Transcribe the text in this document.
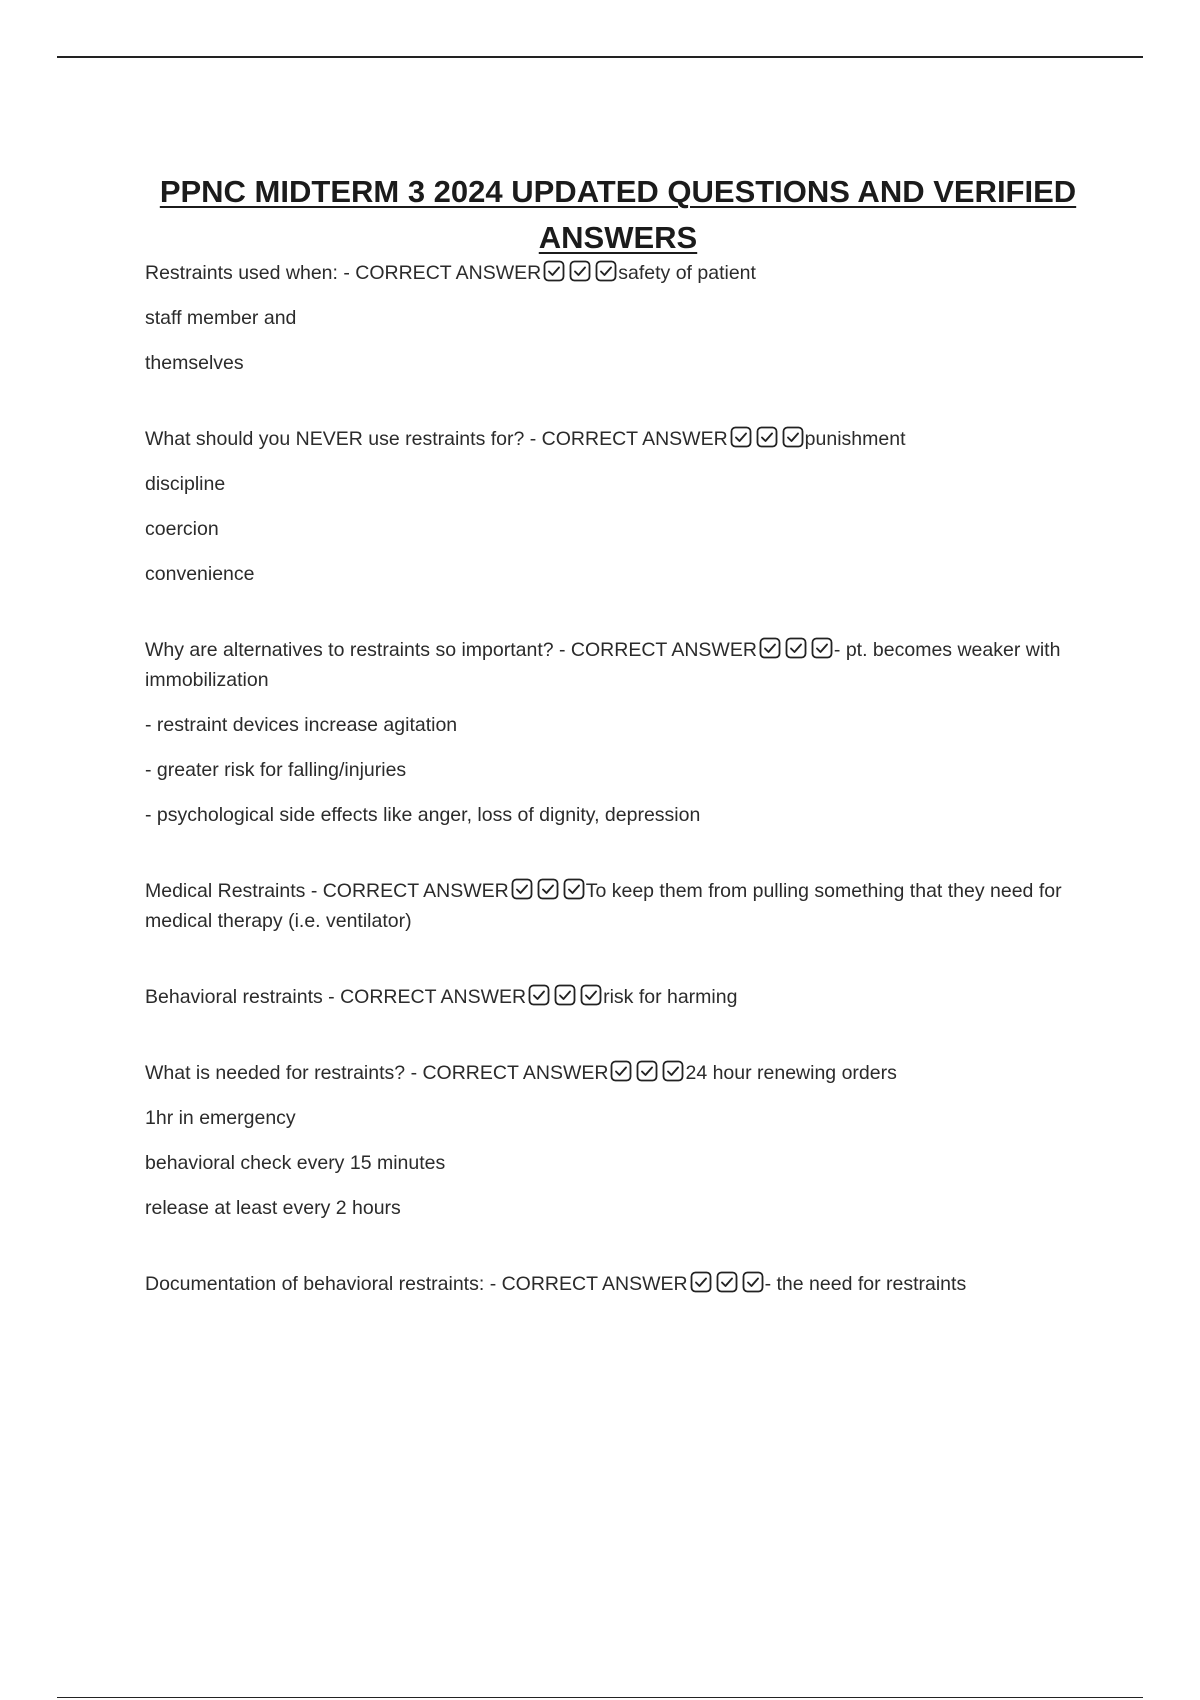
PPNC MIDTERM 3 2024 UPDATED QUESTIONS AND VERIFIED ANSWERS

Restraints used when: - CORRECT ANSWER	safety of patient

staff member and

themselves

What should you NEVER use restraints for? - CORRECT ANSWER	punishment

discipline

coercion

convenience

Why are alternatives to restraints so important? - CORRECT ANSWER	- pt. becomes weaker with immobilization

- restraint devices increase agitation

- greater risk for falling/injuries

- psychological side effects like anger, loss of dignity, depression

Medical Restraints - CORRECT ANSWER	To keep them from pulling something that they need for medical therapy (i.e. ventilator)

Behavioral restraints - CORRECT ANSWER	risk for harming

What is needed for restraints? - CORRECT ANSWER	24 hour renewing orders

1hr in emergency

behavioral check every 15 minutes

release at least every 2 hours

Documentation of behavioral restraints: - CORRECT ANSWER	- the need for restraints
